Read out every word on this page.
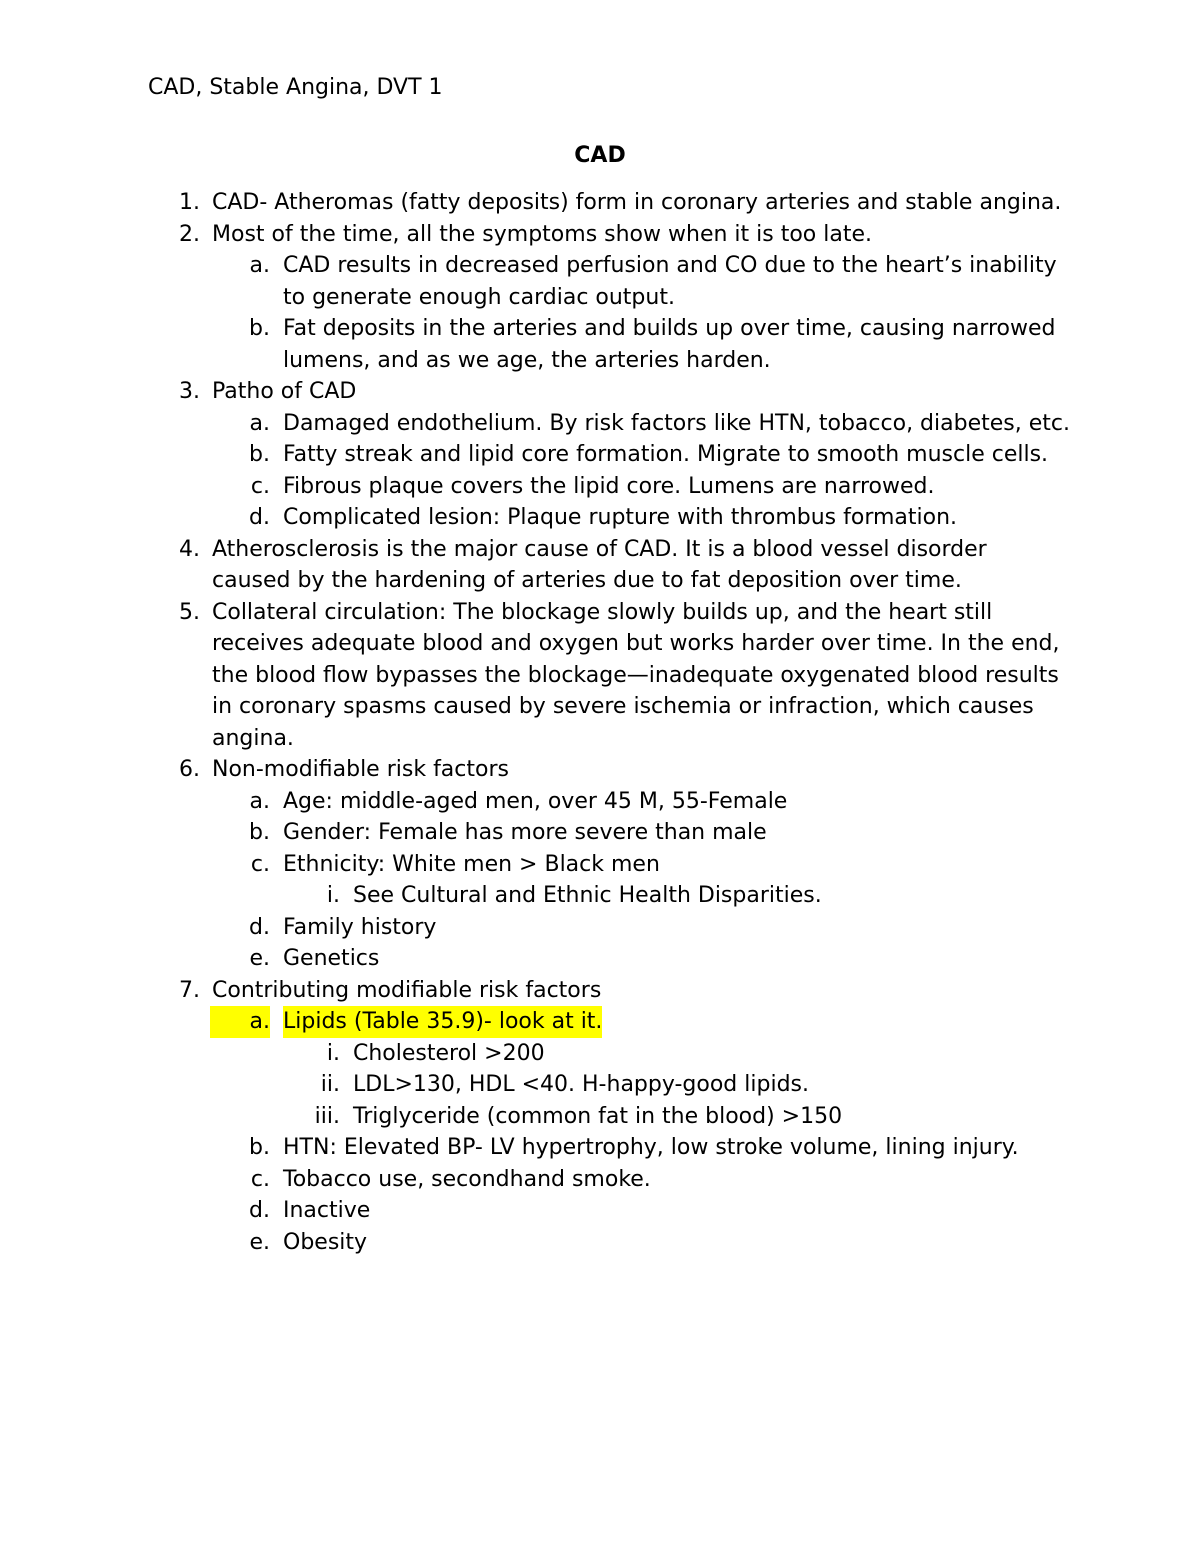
CAD, Stable Angina, DVT 1
CAD
1. CAD- Atheromas (fatty deposits) form in coronary arteries and stable angina.
2. Most of the time, all the symptoms show when it is too late.
a. CAD results in decreased perfusion and CO due to the heart’s inability to generate enough cardiac output.
b. Fat deposits in the arteries and builds up over time, causing narrowed lumens, and as we age, the arteries harden.
3. Patho of CAD
a. Damaged endothelium. By risk factors like HTN, tobacco, diabetes, etc.
b. Fatty streak and lipid core formation. Migrate to smooth muscle cells.
c. Fibrous plaque covers the lipid core. Lumens are narrowed.
d. Complicated lesion: Plaque rupture with thrombus formation.
4. Atherosclerosis is the major cause of CAD. It is a blood vessel disorder caused by the hardening of arteries due to fat deposition over time.
5. Collateral circulation: The blockage slowly builds up, and the heart still receives adequate blood and oxygen but works harder over time. In the end, the blood flow bypasses the blockage—inadequate oxygenated blood results in coronary spasms caused by severe ischemia or infraction, which causes angina.
6. Non-modifiable risk factors
a. Age: middle-aged men, over 45 M, 55-Female
b. Gender: Female has more severe than male
c. Ethnicity: White men > Black men
i. See Cultural and Ethnic Health Disparities.
d. Family history
e. Genetics
7. Contributing modifiable risk factors
a. Lipids (Table 35.9)- look at it.
i. Cholesterol >200
ii. LDL>130, HDL <40. H-happy-good lipids.
iii. Triglyceride (common fat in the blood) >150
b. HTN: Elevated BP- LV hypertrophy, low stroke volume, lining injury.
c. Tobacco use, secondhand smoke.
d. Inactive
e. Obesity
